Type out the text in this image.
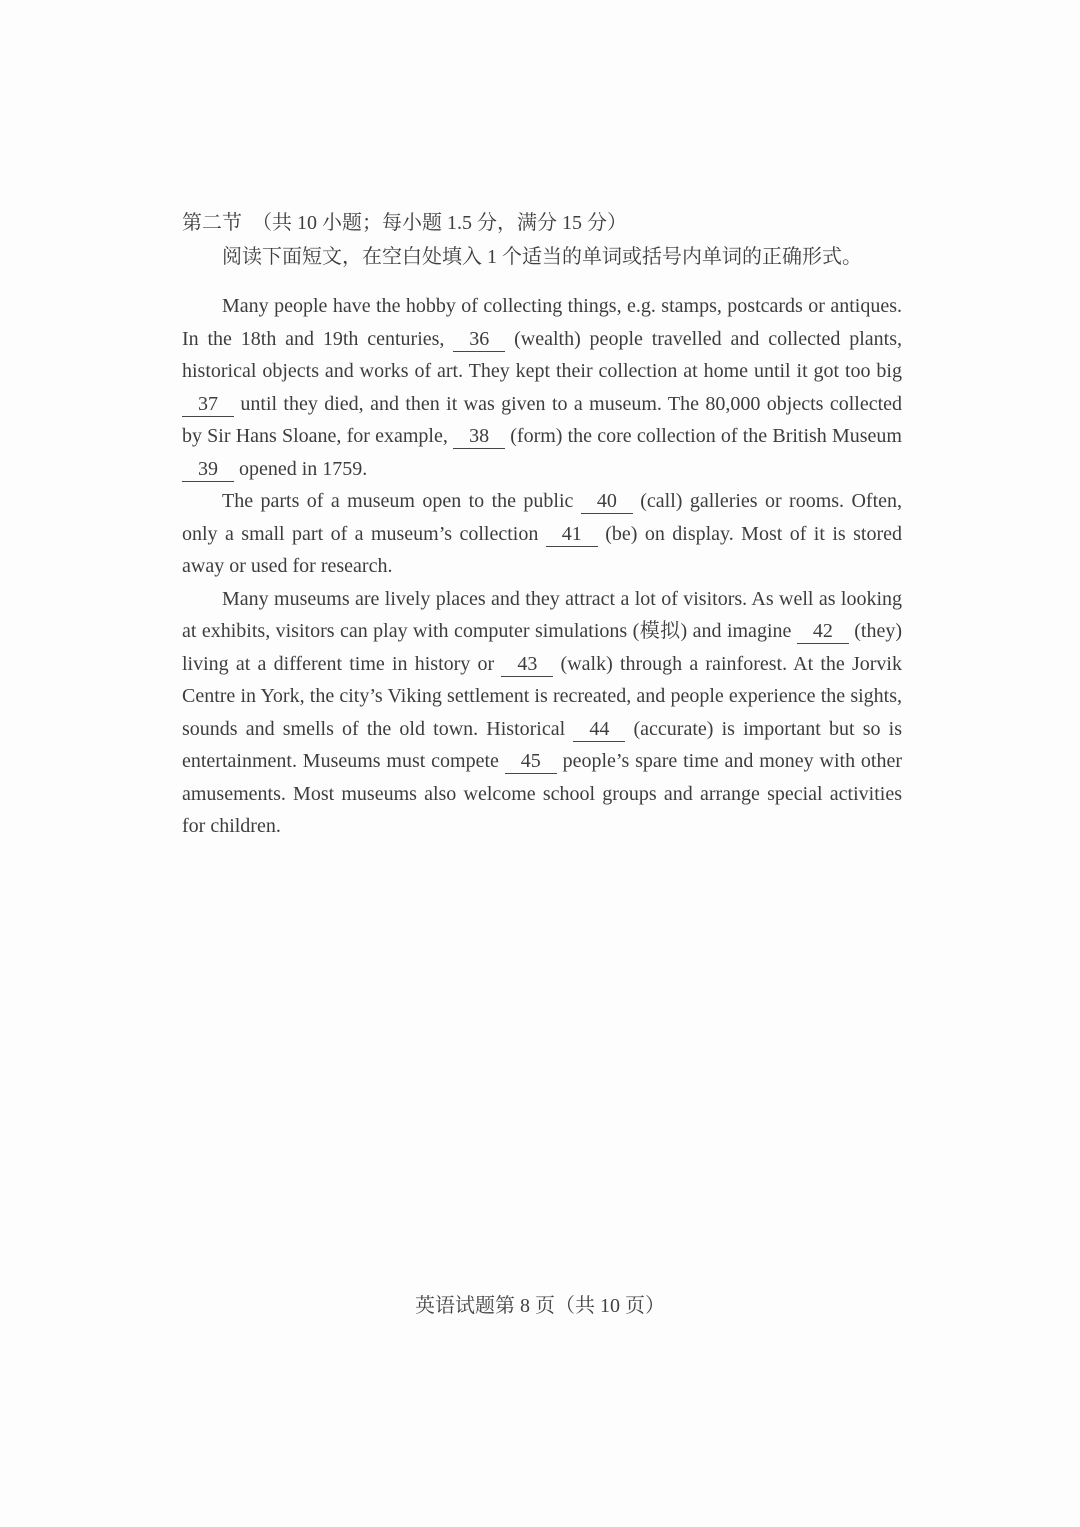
第二节　（共 10 小题；每小题 1.5 分，满分 15 分）
阅读下面短文，在空白处填入 1 个适当的单词或括号内单词的正确形式。

Many people have the hobby of collecting things, e.g. stamps, postcards or antiques. In the 18th and 19th centuries, 36 (wealth) people travelled and collected plants, historical objects and works of art. They kept their collection at home until it got too big 37 until they died, and then it was given to a museum. The 80,000 objects collected by Sir Hans Sloane, for example, 38 (form) the core collection of the British Museum 39 opened in 1759.

The parts of a museum open to the public 40 (call) galleries or rooms. Often, only a small part of a museum’s collection 41 (be) on display. Most of it is stored away or used for research.

Many museums are lively places and they attract a lot of visitors. As well as looking at exhibits, visitors can play with computer simulations (模拟) and imagine 42 (they) living at a different time in history or 43 (walk) through a rainforest. At the Jorvik Centre in York, the city’s Viking settlement is recreated, and people experience the sights, sounds and smells of the old town. Historical 44 (accurate) is important but so is entertainment. Museums must compete 45 people’s spare time and money with other amusements. Most museums also welcome school groups and arrange special activities for children.

英语试题第 8 页（共 10 页）
